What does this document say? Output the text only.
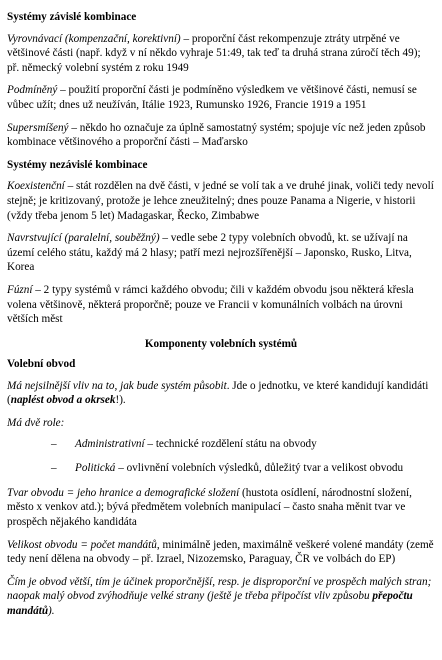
Systémy závislé kombinace

Vyrovnávací (kompenzační, korektivní) – proporční část rekompenzuje ztráty utrpěné ve většinové části (např. když v ní někdo vyhraje 51:49, tak teď ta druhá strana zúročí těch 49); př. německý volební systém z roku 1949

Podmíněný – použití proporční části je podmíněno výsledkem ve většinové části, nemusí se vůbec užít; dnes už neužíván, Itálie 1923, Rumunsko 1926, Francie 1919 a 1951

Supersmíšený – někdo ho označuje za úplně samostatný systém; spojuje víc než jeden způsob kombinace většinového a proporční části – Maďarsko

Systémy nezávislé kombinace

Koexistenční – stát rozdělen na dvě části, v jedné se volí tak a ve druhé jinak, voliči tedy nevolí stejně; je kritizovaný, protože je lehce zneužitelný; dnes pouze Panama a Nigerie, v historii (vždy třeba jenom 5 let) Madagaskar, Řecko, Zimbabwe

Navrstvující (paralelní, souběžný) – vedle sebe 2 typy volebních obvodů, kt. se užívají na území celého státu, každý má 2 hlasy; patří mezi nejrozšířenější – Japonsko, Rusko, Litva, Korea

Fúzní – 2 typy systémů v rámci každého obvodu; čili v každém obvodu jsou některá křesla volena většinově, některá proporčně; pouze ve Francii v komunálních volbách na úrovni větších měst

Komponenty volebních systémů
Volební obvod

Má nejsilnější vliv na to, jak bude systém působit. Jde o jednotku, ve které kandidují kandidáti (naplést obvod a okrsek!).

Má dvě role:

– Administrativní – technické rozdělení státu na obvody
– Politická – ovlivnění volebních výsledků, důležitý tvar a velikost obvodu

Tvar obvodu = jeho hranice a demografické složení (hustota osídlení, národnostní složení, město x venkov atd.); bývá předmětem volebních manipulací – často snaha měnit tvar ve prospěch nějakého kandidáta

Velikost obvodu = počet mandátů, minimálně jeden, maximálně veškeré volené mandáty (země tedy není dělena na obvody – př. Izrael, Nizozemsko, Paraguay, ČR ve volbách do EP)

Čím je obvod větší, tím je účinek proporčnější, resp. je disproporční ve prospěch malých stran; naopak malý obvod zvýhodňuje velké strany (ještě je třeba připočíst vliv způsobu přepočtu mandátů).
